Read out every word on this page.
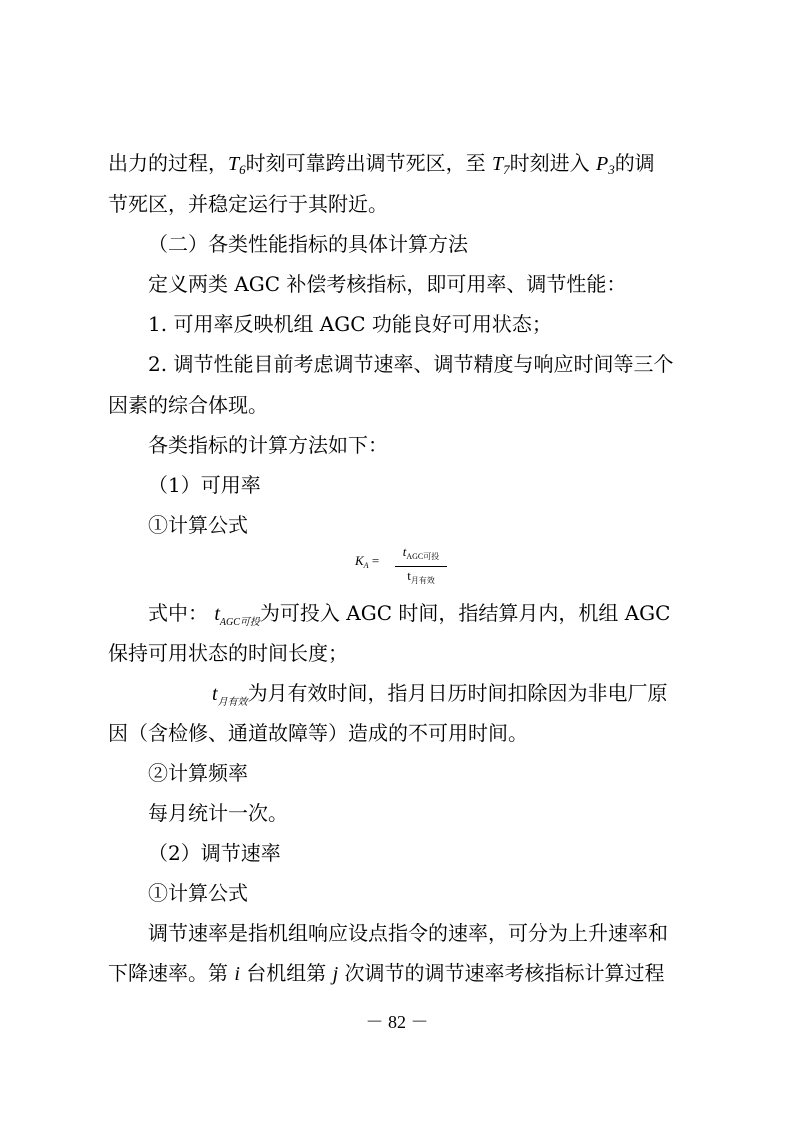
出力的过程，$T_6$时刻可靠跨出调节死区，至 $T_7$时刻进入 $P_3$的调
节死区，并稳定运行于其附近。
（二）各类性能指标的具体计算方法
定义两类 AGC 补偿考核指标，即可用率、调节性能：
1. 可用率反映机组 AGC 功能良好可用状态；
2. 调节性能目前考虑调节速率、调节精度与响应时间等三个
因素的综合体现。
各类指标的计算方法如下：
（1）可用率
①计算公式
$K_A$ =
$t_{AGC可投}$
$t_{月有效}$
式中： $t_{AGC可投}$为可投入 AGC 时间，指结算月内，机组 AGC
保持可用状态的时间长度；
$t_{月有效}$为月有效时间，指月日历时间扣除因为非电厂原
因（含检修、通道故障等）造成的不可用时间。
②计算频率
每月统计一次。
（2）调节速率
①计算公式
调节速率是指机组响应设点指令的速率，可分为上升速率和
下降速率。第 i 台机组第 j 次调节的调节速率考核指标计算过程
－ 82 －
